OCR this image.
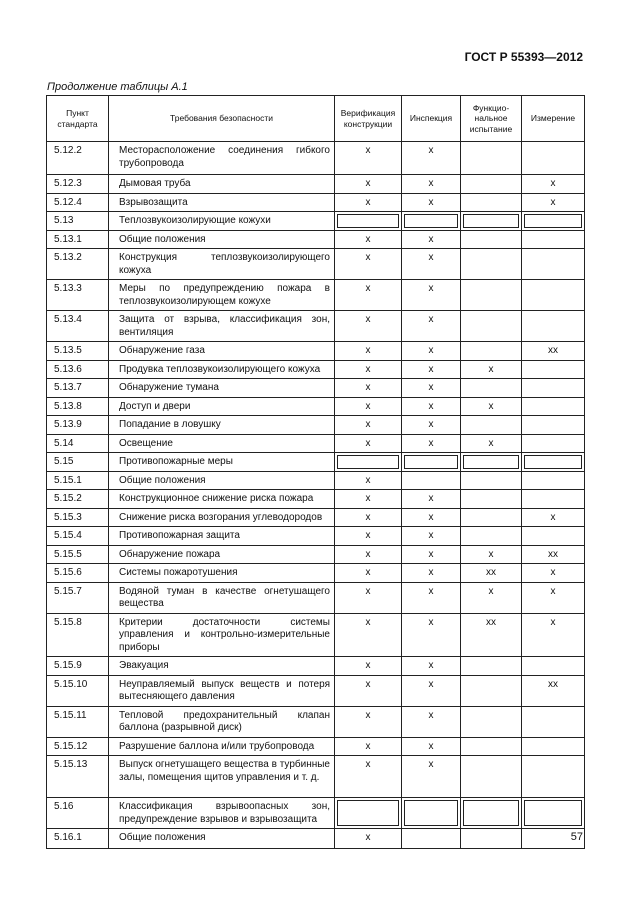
ГОСТ Р 55393—2012
Продолжение таблицы А.1
Пункт стандарта	Требования безопасности	Верификация конструкции	Инспекция	Функцио-нальное испытание	Измерение
5.12.2	Месторасположение соединения гибкого трубопровода	x	x		
5.12.3	Дымовая труба	x	x		x
5.12.4	Взрывозащита	x	x		x
5.13	Теплозвукоизолирующие кожухи				
5.13.1	Общие положения	x	x		
5.13.2	Конструкция теплозвукоизолирующего кожуха	x	x		
5.13.3	Меры по предупреждению пожара в теплозвукоизолирующем кожухе	x	x		
5.13.4	Защита от взрыва, классификация зон, вентиляция	x	x		
5.13.5	Обнаружение газа	x	x		xx
5.13.6	Продувка теплозвукоизолирующего кожуха	x	x	x	
5.13.7	Обнаружение тумана	x	x		
5.13.8	Доступ и двери	x	x	x	
5.13.9	Попадание в ловушку	x	x		
5.14	Освещение	x	x	x	
5.15	Противопожарные меры				
5.15.1	Общие положения	x			
5.15.2	Конструкционное снижение риска пожара	x	x		
5.15.3	Снижение риска возгорания углеводородов	x	x		x
5.15.4	Противопожарная защита	x	x		
5.15.5	Обнаружение пожара	x	x	x	xx
5.15.6	Системы пожаротушения	x	x	xx	x
5.15.7	Водяной туман в качестве огнетушащего вещества	x	x	x	x
5.15.8	Критерии достаточности системы управления и контрольно-измерительные приборы	x	x	xx	x
5.15.9	Эвакуация	x	x		
5.15.10	Неуправляемый выпуск веществ и потеря вытесняющего давления	x	x		xx
5.15.11	Тепловой предохранительный клапан баллона (разрывной диск)	x	x		
5.15.12	Разрушение баллона и/или трубопровода	x	x		
5.15.13	Выпуск огнетушащего вещества в турбинные залы, помещения щитов управления и т. д.	x	x		
5.16	Классификация взрывоопасных зон, предупреждение взрывов и взрывозащита				
5.16.1	Общие положения	x				57
